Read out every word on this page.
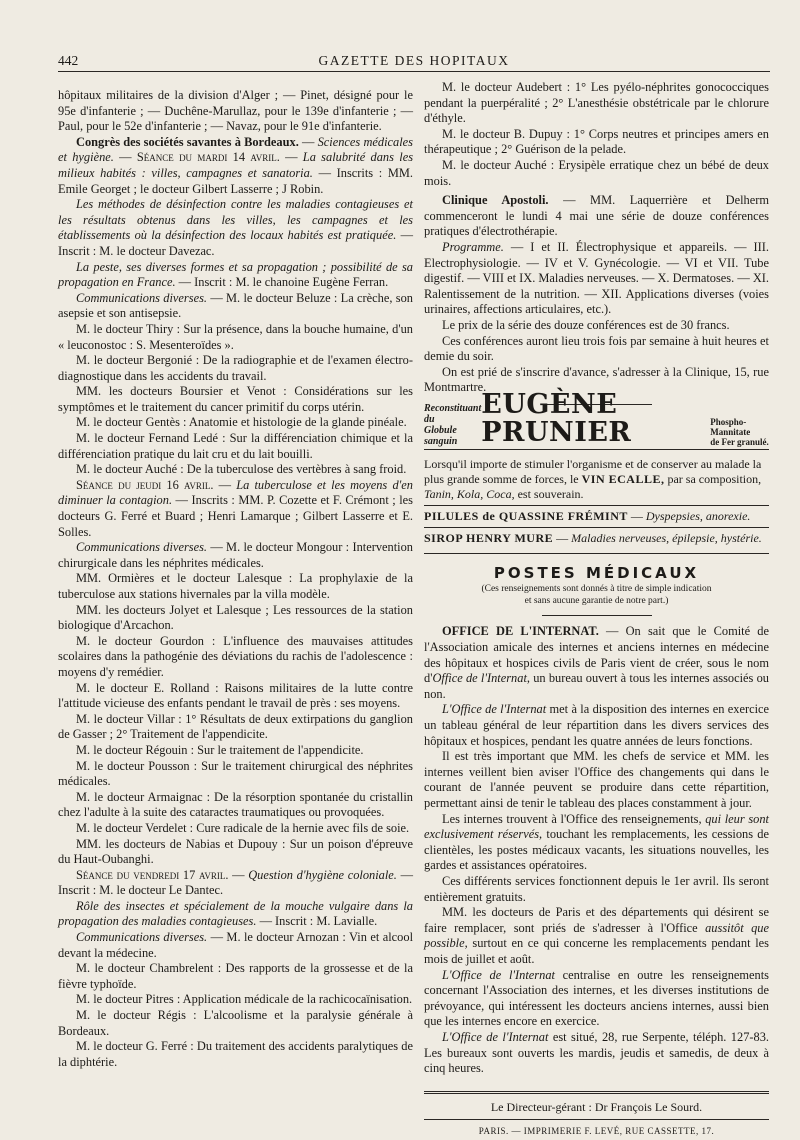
442	GAZETTE DES HOPITAUX

hôpitaux militaires de la division d'Alger ; — Pinet, désigné pour le 95e d'infanterie ; — Duchêne-Marullaz, pour le 139e d'infanterie ; — Paul, pour le 52e d'infanterie ; — Navaz, pour le 91e d'infanterie.

Congrès des sociétés savantes à Bordeaux. — Sciences médicales et hygiène. — Séance du mardi 14 avril. — La salubrité dans les milieux habités : villes, campagnes et sanatoria. — Inscrits : MM. Emile Georget ; le docteur Gilbert Lasserre ; J Robin.

Les méthodes de désinfection contre les maladies contagieuses et les résultats obtenus dans les villes, les campagnes et les établissements où la désinfection des locaux habités est pratiquée. — Inscrit : M. le docteur Davezac.

La peste, ses diverses formes et sa propagation ; possibilité de sa propagation en France. — Inscrit : M. le chanoine Eugène Ferran.

Communications diverses. — M. le docteur Beluze : La crèche, son asepsie et son antisepsie.

M. le docteur Thiry : Sur la présence, dans la bouche humaine, d'un « leuconostoc : S. Mesenteroïdes ».

M. le docteur Bergonié : De la radiographie et de l'examen électro-diagnostique dans les accidents du travail.

MM. les docteurs Boursier et Venot : Considérations sur les symptômes et le traitement du cancer primitif du corps utérin.

M. le docteur Gentès : Anatomie et histologie de la glande pinéale.

M. le docteur Fernand Ledé : Sur la différenciation chimique et la différenciation pratique du lait cru et du lait bouilli.

M. le docteur Auché : De la tuberculose des vertèbres à sang froid.

Séance du jeudi 16 avril. — La tuberculose et les moyens d'en diminuer la contagion. — Inscrits : MM. P. Cozette et F. Crémont ; les docteurs G. Ferré et Buard ; Henri Lamarque ; Gilbert Lasserre et E. Solles.

Communications diverses. — M. le docteur Mongour : Intervention chirurgicale dans les néphrites médicales.

MM. Ormières et le docteur Lalesque : La prophylaxie de la tuberculose aux stations hivernales par la villa modèle.

MM. les docteurs Jolyet et Lalesque ; Les ressources de la station biologique d'Arcachon.

M. le docteur Gourdon : L'influence des mauvaises attitudes scolaires dans la pathogénie des déviations du rachis de l'adolescence : moyens d'y remédier.

M. le docteur E. Rolland : Raisons militaires de la lutte contre l'attitude vicieuse des enfants pendant le travail de près : ses moyens.

M. le docteur Villar : 1° Résultats de deux extirpations du ganglion de Gasser ; 2° Traitement de l'appendicite.

M. le docteur Régouin : Sur le traitement de l'appendicite.

M. le docteur Pousson : Sur le traitement chirurgical des néphrites médicales.

M. le docteur Armaignac : De la résorption spontanée du cristallin chez l'adulte à la suite des cataractes traumatiques ou provoquées.

M. le docteur Verdelet : Cure radicale de la hernie avec fils de soie.

MM. les docteurs de Nabias et Dupouy : Sur un poison d'épreuve du Haut-Oubanghi.

Séance du vendredi 17 avril. — Question d'hygiène coloniale. — Inscrit : M. le docteur Le Dantec.

Rôle des insectes et spécialement de la mouche vulgaire dans la propagation des maladies contagieuses. — Inscrit : M. Lavialle.

Communications diverses. — M. le docteur Arnozan : Vin et alcool devant la médecine.

M. le docteur Chambrelent : Des rapports de la grossesse et de la fièvre typhoïde.

M. le docteur Pitres : Application médicale de la rachicocaïnisation.

M. le docteur Régis : L'alcoolisme et la paralysie générale à Bordeaux.

M. le docteur G. Ferré : Du traitement des accidents paralytiques de la diphtérie.

M. le docteur Audebert : 1° Les pyélo-néphrites gonococciques pendant la puerpéralité ; 2° L'anesthésie obstétricale par le chlorure d'éthyle.

M. le docteur B. Dupuy : 1° Corps neutres et principes amers en thérapeutique ; 2° Guérison de la pelade.

M. le docteur Auché : Erysipèle erratique chez un bébé de deux mois.

Clinique Apostoli. — MM. Laquerrière et Delherm commenceront le lundi 4 mai une série de douze conférences pratiques d'électrothérapie.

Programme. — I et II. Électrophysique et appareils. — III. Electrophysiologie. — IV et V. Gynécologie. — VI et VII. Tube digestif. — VIII et IX. Maladies nerveuses. — X. Dermatoses. — XI. Ralentissement de la nutrition. — XII. Applications diverses (voies urinaires, affections articulaires, etc.).

Le prix de la série des douze conférences est de 30 francs.

Ces conférences auront lieu trois fois par semaine à huit heures et demie du soir.

On est prié de s'inscrire d'avance, s'adresser à la Clinique, 15, rue Montmartre.

Reconstituant du
Globule sanguin
EUGÈNE PRUNIER	Phospho-Mannitate
de Fer granulé.
Lorsqu'il importe de stimuler l'organisme et de conserver au malade la plus grande somme de forces, le VIN ECALLE, par sa composition, Tanin, Kola, Coca, est souverain.
PILULES de QUASSINE FRÉMINT — Dyspepsies, anorexie.
SIROP HENRY MURE — Maladies nerveuses, épilepsie, hystérie.
POSTES MÉDICAUX
(Ces renseignements sont donnés à titre de simple indication
et sans aucune garantie de notre part.)

OFFICE DE L'INTERNAT. — On sait que le Comité de l'Association amicale des internes et anciens internes en médecine des hôpitaux et hospices civils de Paris vient de créer, sous le nom d'Office de l'Internat, un bureau ouvert à tous les internes associés ou non.

L'Office de l'Internat met à la disposition des internes en exercice un tableau général de leur répartition dans les divers services des hôpitaux et hospices, pendant les quatre années de leurs fonctions.

Il est très important que MM. les chefs de service et MM. les internes veillent bien aviser l'Office des changements qui dans le courant de l'année peuvent se produire dans cette répartition, permettant ainsi de tenir le tableau des places constamment à jour.

Les internes trouvent à l'Office des renseignements, qui leur sont exclusivement réservés, touchant les remplacements, les cessions de clientèles, les postes médicaux vacants, les situations nouvelles, les gardes et assistances opératoires.

Ces différents services fonctionnent depuis le 1er avril. Ils seront entièrement gratuits.

MM. les docteurs de Paris et des départements qui désirent se faire remplacer, sont priés de s'adresser à l'Office aussitôt que possible, surtout en ce qui concerne les remplacements pendant les mois de juillet et août.

L'Office de l'Internat centralise en outre les renseignements concernant l'Association des internes, et les diverses institutions de prévoyance, qui intéressent les docteurs anciens internes, aussi bien que les internes encore en exercice.

L'Office de l'Internat est situé, 28, rue Serpente, téléph. 127-83. Les bureaux sont ouverts les mardis, jeudis et samedis, de deux à cinq heures.

Le Directeur-gérant : Dr François Le Sourd.
PARIS. — IMPRIMERIE F. LEVÉ, RUE CASSETTE, 17.
